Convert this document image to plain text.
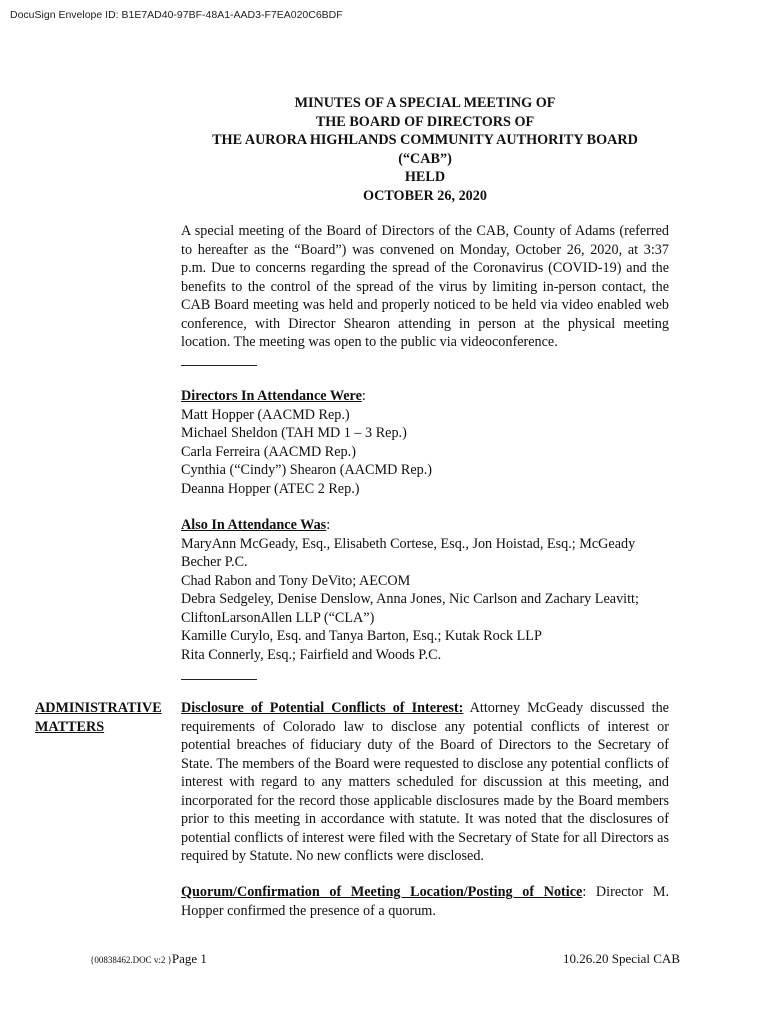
DocuSign Envelope ID: B1E7AD40-97BF-48A1-AAD3-F7EA020C6BDF
MINUTES OF A SPECIAL MEETING OF
THE BOARD OF DIRECTORS OF
THE AURORA HIGHLANDS COMMUNITY AUTHORITY BOARD
(“CAB”)
HELD
OCTOBER 26, 2020
A special meeting of the Board of Directors of the CAB, County of Adams (referred to hereafter as the “Board”) was convened on Monday, October 26, 2020, at 3:37 p.m. Due to concerns regarding the spread of the Coronavirus (COVID-19) and the benefits to the control of the spread of the virus by limiting in-person contact, the CAB Board meeting was held and properly noticed to be held via video enabled web conference, with Director Shearon attending in person at the physical meeting location. The meeting was open to the public via videoconference.
Directors In Attendance Were:
Matt Hopper (AACMD Rep.)
Michael Sheldon (TAH MD 1 – 3 Rep.)
Carla Ferreira (AACMD Rep.)
Cynthia (“Cindy”) Shearon (AACMD Rep.)
Deanna Hopper (ATEC 2 Rep.)
Also In Attendance Was:
MaryAnn McGeady, Esq., Elisabeth Cortese, Esq., Jon Hoistad, Esq.; McGeady Becher P.C.
Chad Rabon and Tony DeVito; AECOM
Debra Sedgeley, Denise Denslow, Anna Jones, Nic Carlson and Zachary Leavitt; CliftonLarsonAllen LLP (“CLA”)
Kamille Curylo, Esq. and Tanya Barton, Esq.; Kutak Rock LLP
Rita Connerly, Esq.; Fairfield and Woods P.C.
ADMINISTRATIVE
MATTERS
Disclosure of Potential Conflicts of Interest: Attorney McGeady discussed the requirements of Colorado law to disclose any potential conflicts of interest or potential breaches of fiduciary duty of the Board of Directors to the Secretary of State. The members of the Board were requested to disclose any potential conflicts of interest with regard to any matters scheduled for discussion at this meeting, and incorporated for the record those applicable disclosures made by the Board members prior to this meeting in accordance with statute. It was noted that the disclosures of potential conflicts of interest were filed with the Secretary of State for all Directors as required by Statute. No new conflicts were disclosed.
Quorum/Confirmation of Meeting Location/Posting of Notice: Director M. Hopper confirmed the presence of a quorum.
{00838462.DOC v:2 }Page 1	10.26.20 Special CAB
